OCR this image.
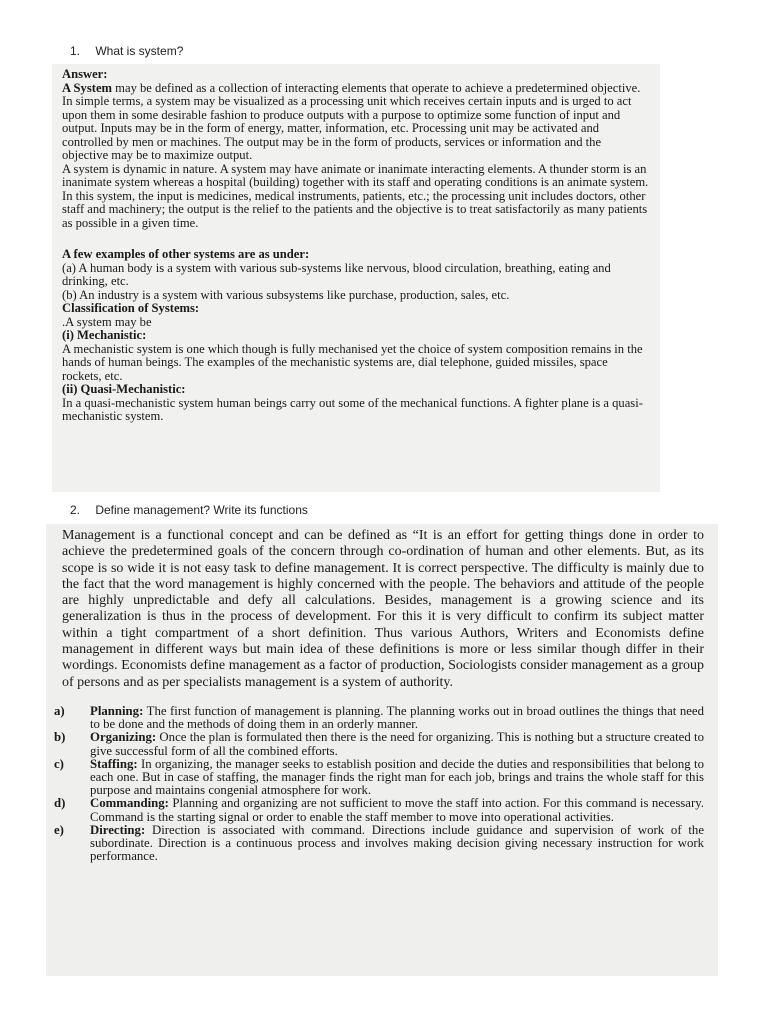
1. What is system?

Answer:

A System may be defined as a collection of interacting elements that operate to achieve a predetermined objective. In simple terms, a system may be visualized as a processing unit which receives certain inputs and is urged to act upon them in some desirable fashion to produce outputs with a purpose to optimize some function of input and output. Inputs may be in the form of energy, matter, information, etc. Processing unit may be activated and controlled by men or machines. The output may be in the form of products, services or information and the objective may be to maximize output.

A system is dynamic in nature. A system may have animate or inanimate interacting elements. A thunder storm is an inanimate system whereas a hospital (building) together with its staff and operating conditions is an animate system. In this system, the input is medicines, medical instruments, patients, etc.; the processing unit includes doctors, other staff and machinery; the output is the relief to the patients and the objective is to treat satisfactorily as many patients as possible in a given time.

A few examples of other systems are as under:

(a) A human body is a system with various sub-systems like nervous, blood circulation, breathing, eating and drinking, etc.

(b) An industry is a system with various subsystems like purchase, production, sales, etc.

Classification of Systems:

.A system may be

(i) Mechanistic:

A mechanistic system is one which though is fully mechanised yet the choice of system composition remains in the hands of human beings. The examples of the mechanistic systems are, dial telephone, guided missiles, space rockets, etc.

(ii) Quasi-Mechanistic:

In a quasi-mechanistic system human beings carry out some of the mechanical functions. A fighter plane is a quasi-mechanistic system.

2. Define management? Write its functions

Management is a functional concept and can be defined as “It is an effort for getting things done in order to achieve the predetermined goals of the concern through co-ordination of human and other elements. But, as its scope is so wide it is not easy task to define management. It is correct perspective. The difficulty is mainly due to the fact that the word management is highly concerned with the people. The behaviors and attitude of the people are highly unpredictable and defy all calculations. Besides, management is a growing science and its generalization is thus in the process of development. For this it is very difficult to confirm its subject matter within a tight compartment of a short definition. Thus various Authors, Writers and Economists define management in different ways but main idea of these definitions is more or less similar though differ in their wordings. Economists define management as a factor of production, Sociologists consider management as a group of persons and as per specialists management is a system of authority.

a)	Planning: The first function of management is planning. The planning works out in broad outlines the things that need to be done and the methods of doing them in an orderly manner.
b)	Organizing: Once the plan is formulated then there is the need for organizing. This is nothing but a structure created to give successful form of all the combined efforts.
c)	Staffing: In organizing, the manager seeks to establish position and decide the duties and responsibilities that belong to each one. But in case of staffing, the manager finds the right man for each job, brings and trains the whole staff for this purpose and maintains congenial atmosphere for work.
d)	Commanding: Planning and organizing are not sufficient to move the staff into action. For this command is necessary. Command is the starting signal or order to enable the staff member to move into operational activities.
e)	Directing: Direction is associated with command. Directions include guidance and supervision of work of the subordinate. Direction is a continuous process and involves making decision giving necessary instruction for work performance.
